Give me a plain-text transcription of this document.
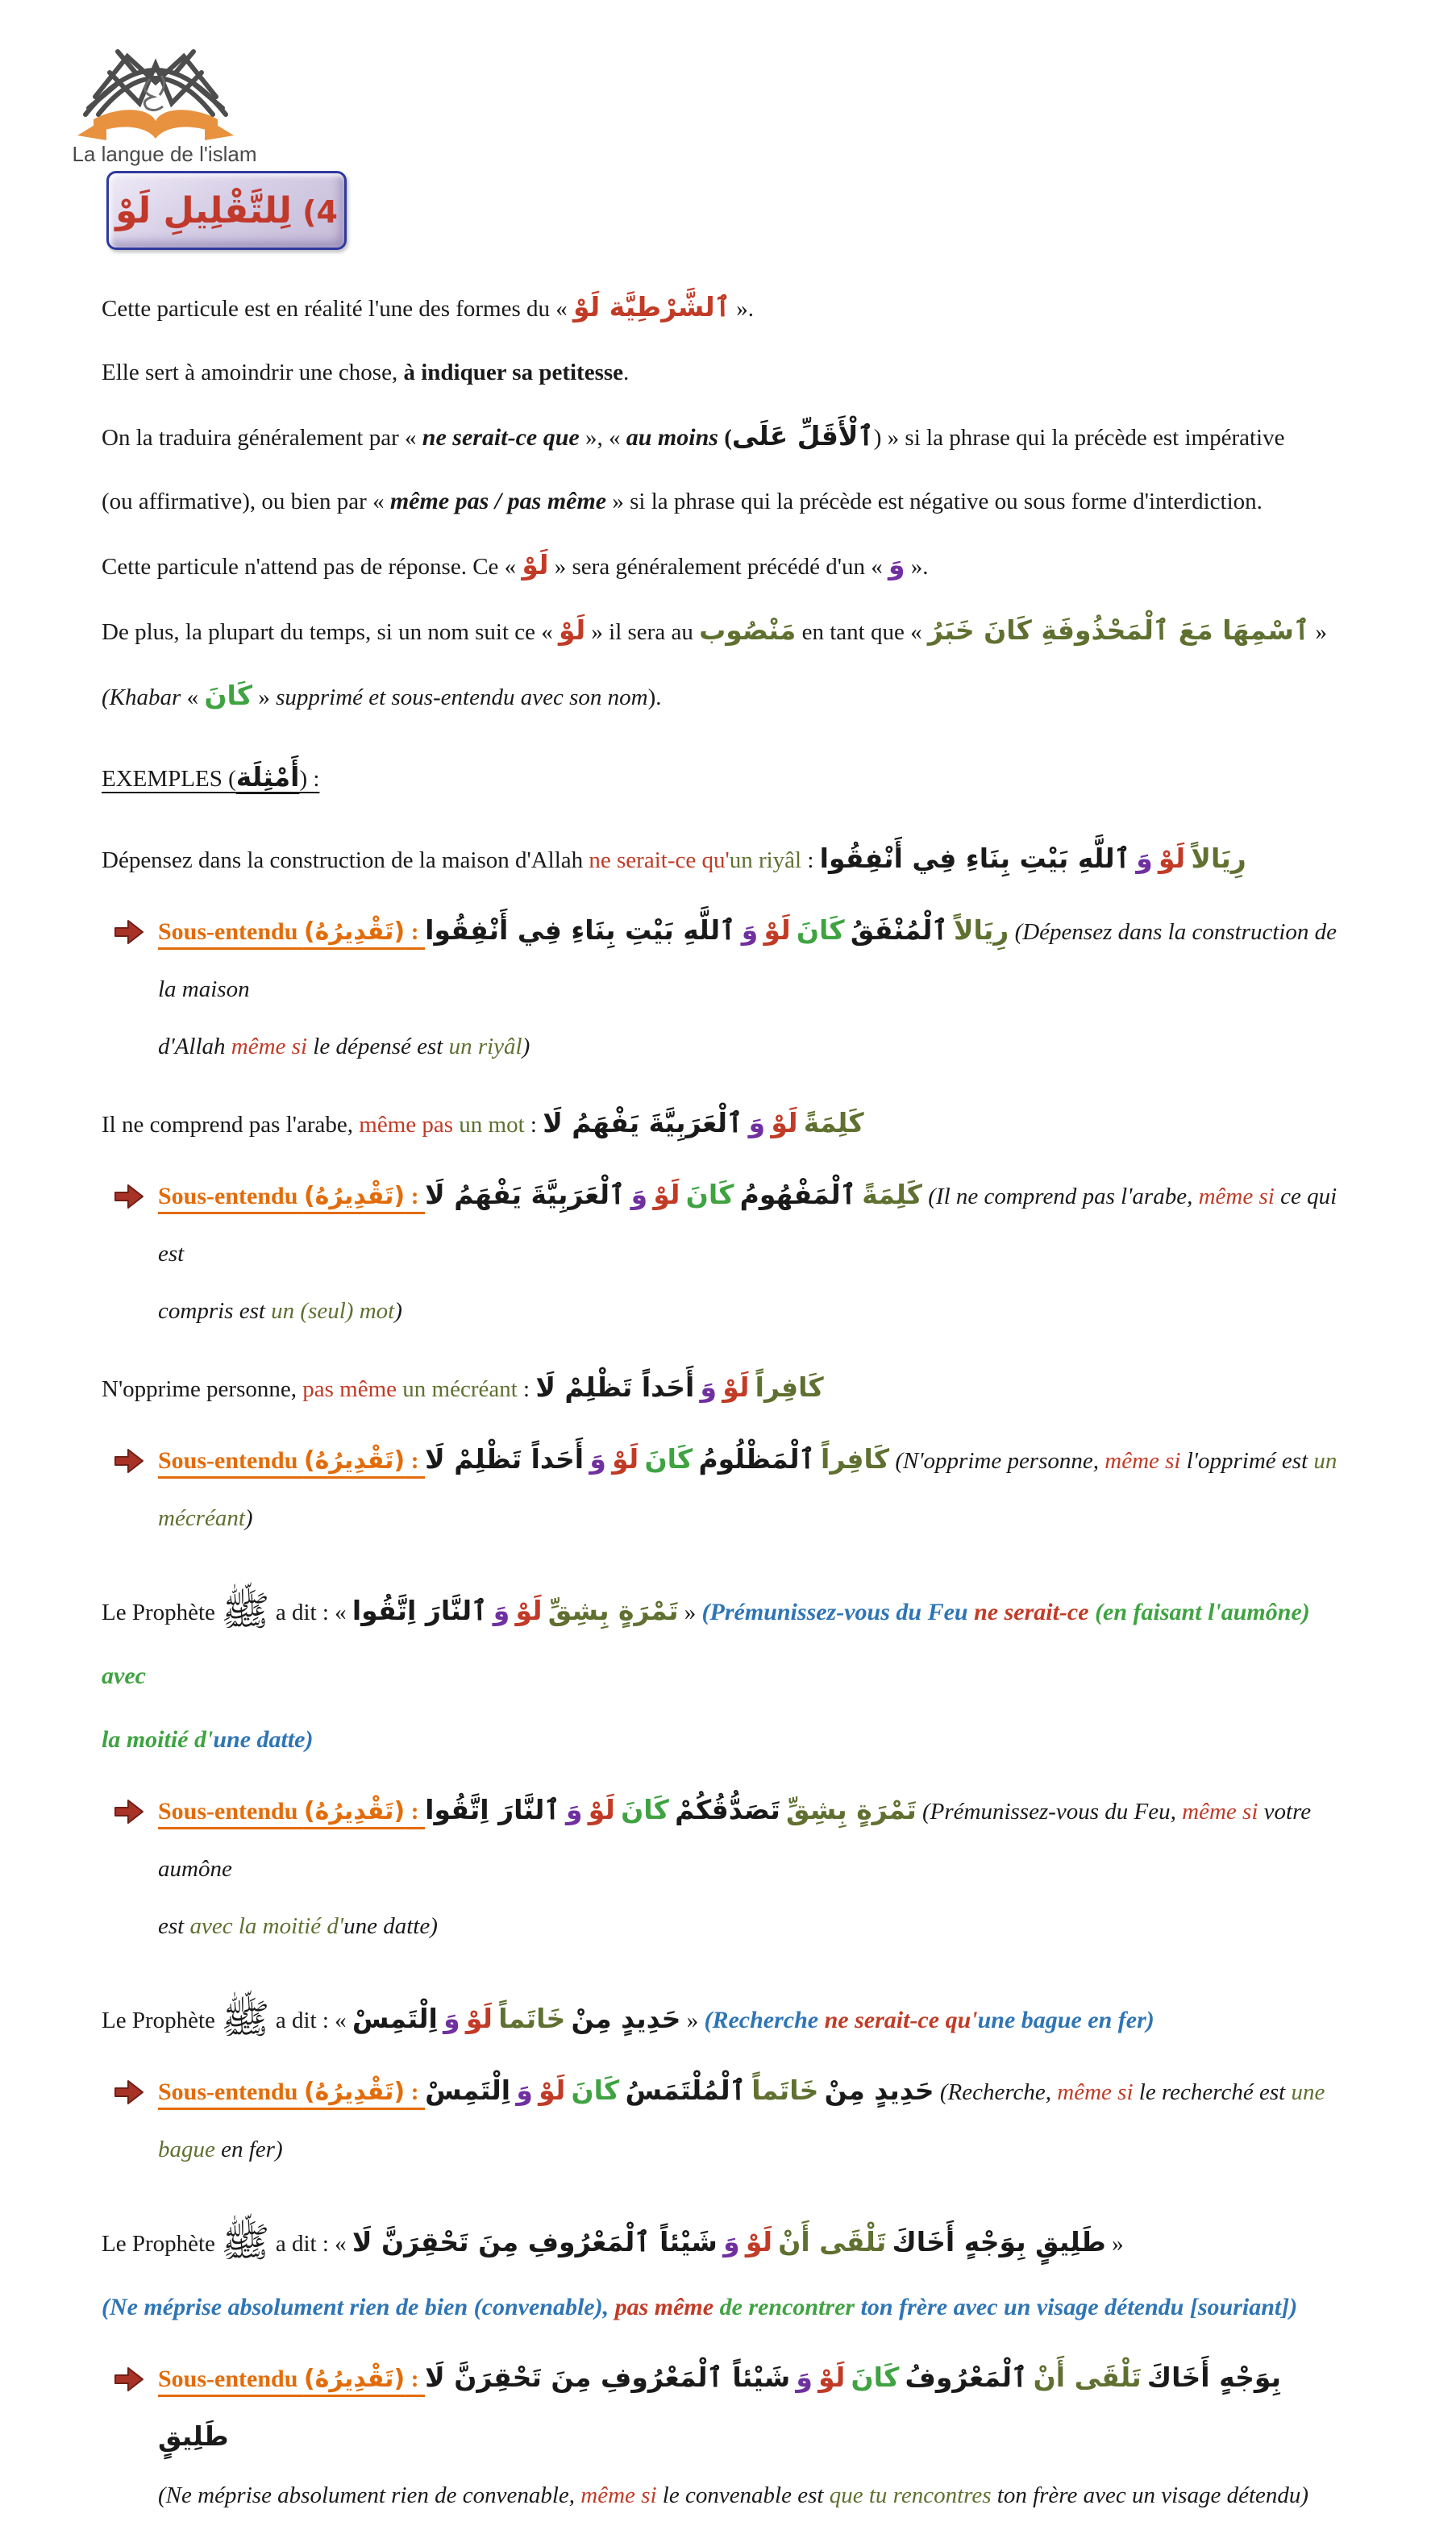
La langue de l'islam
لَوْ لِلتَّقْلِيلِ (4
Cette particule est en réalité l'une des formes du « لَوْ ٱلشَّرْطِيَّة ».
Elle sert à amoindrir une chose, à indiquer sa petitesse.
On la traduira généralement par « ne serait-ce que », « au moins (عَلَى ٱلْأَقَلِّ) » si la phrase qui la précède est impérative
(ou affirmative), ou bien par « même pas / pas même » si la phrase qui la précède est négative ou sous forme d'interdiction.
Cette particule n'attend pas de réponse. Ce « لَوْ » sera généralement précédé d'un « وَ ».
De plus, la plupart du temps, si un nom suit ce « لَوْ » il sera au مَنْصُوب en tant que « خَبَرُ كَانَ ٱلْمَحْذُوفَةِ مَعَ ٱسْمِهَا »
(Khabar « كَانَ » supprimé et sous-entendu avec son nom).
EXEMPLES (أَمْثِلَة) :
Dépensez dans la construction de la maison d'Allah ne serait-ce qu'un riyâl : أَنْفِقُوا فِي بِنَاءِ بَيْتِ ٱللَّهِ وَ لَوْ رِيَالاً
Sous-entendu (تَقْدِيرُهُ) : أَنْفِقُوا فِي بِنَاءِ بَيْتِ ٱللَّهِ وَ لَوْ كَانَ ٱلْمُنْفَقُ رِيَالاً (Dépensez dans la construction de la maison
d'Allah même si le dépensé est un riyâl)
Il ne comprend pas l'arabe, même pas un mot : لَا يَفْهَمُ ٱلْعَرَبِيَّةَ وَ لَوْ كَلِمَةً
Sous-entendu (تَقْدِيرُهُ) : لَا يَفْهَمُ ٱلْعَرَبِيَّةَ وَ لَوْ كَانَ ٱلْمَفْهُومُ كَلِمَةً (Il ne comprend pas l'arabe, même si ce qui est
compris est un (seul) mot)
N'opprime personne, pas même un mécréant : لَا تَظْلِمْ أَحَداً وَ لَوْ كَافِراً
Sous-entendu (تَقْدِيرُهُ) : لَا تَظْلِمْ أَحَداً وَ لَوْ كَانَ ٱلْمَظْلُومُ كَافِراً (N'opprime personne, même si l'opprimé est un mécréant)
Le Prophète ﷺ a dit : « اِتَّقُوا ٱلنَّارَ وَ لَوْ بِشِقِّ تَمْرَةٍ » (Prémunissez-vous du Feu ne serait-ce (en faisant l'aumône) avec
la moitié d'une datte)
Sous-entendu (تَقْدِيرُهُ) : اِتَّقُوا ٱلنَّارَ وَ لَوْ كَانَ تَصَدُّقُكُمْ بِشِقِّ تَمْرَةٍ (Prémunissez-vous du Feu, même si votre aumône
est avec la moitié d'une datte)
Le Prophète ﷺ a dit : « اِلْتَمِسْ وَ لَوْ خَاتَماً مِنْ حَدِيدٍ » (Recherche ne serait-ce qu'une bague en fer)
Sous-entendu (تَقْدِيرُهُ) : اِلْتَمِسْ وَ لَوْ كَانَ ٱلْمُلْتَمَسُ خَاتَماً مِنْ حَدِيدٍ (Recherche, même si le recherché est une bague en fer)
Le Prophète ﷺ a dit : « لَا تَحْقِرَنَّ مِنَ ٱلْمَعْرُوفِ شَيْئاً وَ لَوْ أَنْ تَلْقَى أَخَاكَ بِوَجْهٍ طَلِيقٍ »
(Ne méprise absolument rien de bien (convenable), pas même de rencontrer ton frère avec un visage détendu [souriant])
Sous-entendu (تَقْدِيرُهُ) : لَا تَحْقِرَنَّ مِنَ ٱلْمَعْرُوفِ شَيْئاً وَ لَوْ كَانَ ٱلْمَعْرُوفُ أَنْ تَلْقَى أَخَاكَ بِوَجْهٍ طَلِيقٍ
(Ne méprise absolument rien de convenable, même si le convenable est que tu rencontres ton frère avec un visage détendu)
